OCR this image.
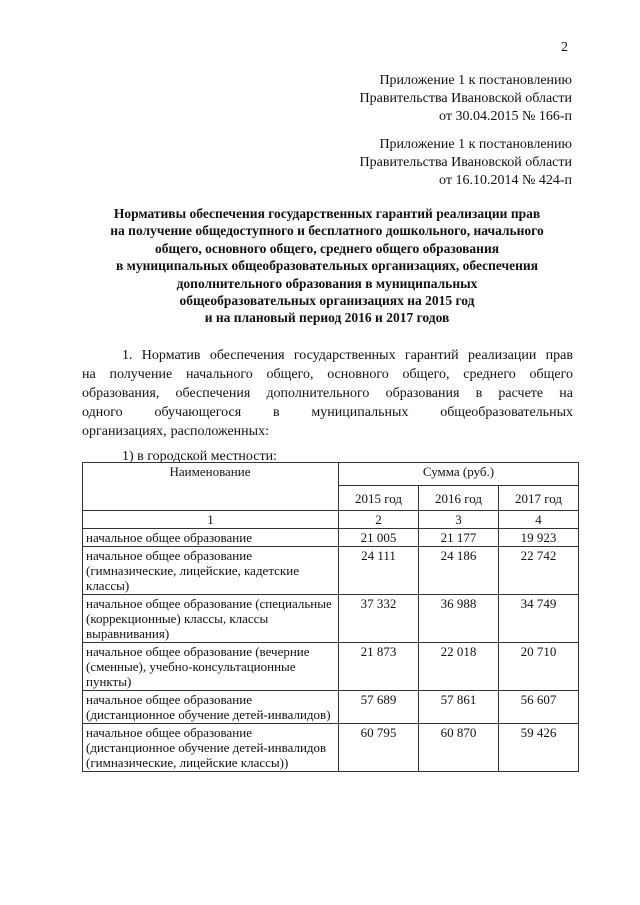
2
Приложение 1 к постановлению
Правительства Ивановской области
от 30.04.2015 № 166-п
Приложение 1 к постановлению
Правительства Ивановской области
от 16.10.2014 № 424-п
Нормативы обеспечения государственных гарантий реализации прав
на получение общедоступного и бесплатного дошкольного, начального
общего, основного общего, среднего общего образования
в муниципальных общеобразовательных организациях, обеспечения
дополнительного образования в муниципальных
общеобразовательных организациях на 2015 год
и на плановый период 2016 и 2017 годов
1. Норматив обеспечения государственных гарантий реализации прав
на получение начального общего, основного общего, среднего общего
образования, обеспечения дополнительного образования в расчете на
одного обучающегося в муниципальных общеобразовательных
организациях, расположенных:
1) в городской местности:
Наименование	Сумма (руб.)		
	2015 год	2016 год	2017 год
1	2	3	4
начальное общее образование	21 005	21 177	19 923
начальное общее образование (гимназические, лицейские, кадетские классы)	24 111	24 186	22 742
начальное общее образование (специальные (коррекционные) классы, классы выравнивания)	37 332	36 988	34 749
начальное общее образование (вечерние (сменные), учебно-консультационные пункты)	21 873	22 018	20 710
начальное общее образование (дистанционное обучение детей-инвалидов)	57 689	57 861	56 607
начальное общее образование (дистанционное обучение детей-инвалидов (гимназические, лицейские классы))	60 795	60 870	59 426
